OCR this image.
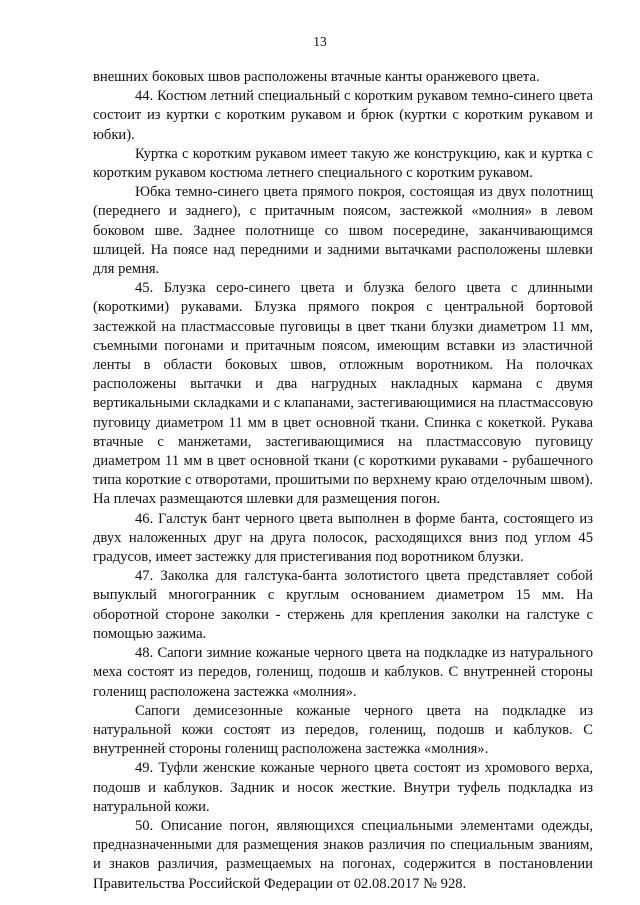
13

внешних боковых швов расположены втачные канты оранжевого цвета.

44. Костюм летний специальный с коротким рукавом темно-синего цвета состоит из куртки с коротким рукавом и брюк (куртки с коротким рукавом и юбки).

Куртка с коротким рукавом имеет такую же конструкцию, как и куртка с коротким рукавом костюма летнего специального с коротким рукавом.

Юбка темно-синего цвета прямого покроя, состоящая из двух полотнищ (переднего и заднего), с притачным поясом, застежкой «молния» в левом боковом шве. Заднее полотнище со швом посередине, заканчивающимся шлицей. На поясе над передними и задними вытачками расположены шлевки для ремня.

45. Блузка серо-синего цвета и блузка белого цвета с длинными (короткими) рукавами. Блузка прямого покроя с центральной бортовой застежкой на пластмассовые пуговицы в цвет ткани блузки диаметром 11 мм, съемными погонами и притачным поясом, имеющим вставки из эластичной ленты в области боковых швов, отложным воротником. На полочках расположены вытачки и два нагрудных накладных кармана с двумя вертикальными складками и с клапанами, застегивающимися на пластмассовую пуговицу диаметром 11 мм в цвет основной ткани. Спинка с кокеткой. Рукава втачные с манжетами, застегивающимися на пластмассовую пуговицу диаметром 11 мм в цвет основной ткани (с короткими рукавами - рубашечного типа короткие с отворотами, прошитыми по верхнему краю отделочным швом). На плечах размещаются шлевки для размещения погон.

46. Галстук бант черного цвета выполнен в форме банта, состоящего из двух наложенных друг на друга полосок, расходящихся вниз под углом 45 градусов, имеет застежку для пристегивания под воротником блузки.

47. Заколка для галстука-банта золотистого цвета представляет собой выпуклый многогранник с круглым основанием диаметром 15 мм. На оборотной стороне заколки - стержень для крепления заколки на галстуке с помощью зажима.

48. Сапоги зимние кожаные черного цвета на подкладке из натурального меха состоят из передов, голенищ, подошв и каблуков. С внутренней стороны голенищ расположена застежка «молния».

Сапоги демисезонные кожаные черного цвета на подкладке из натуральной кожи состоят из передов, голенищ, подошв и каблуков. С внутренней стороны голенищ расположена застежка «молния».

49. Туфли женские кожаные черного цвета состоят из хромового верха, подошв и каблуков. Задник и носок жесткие. Внутри туфель подкладка из натуральной кожи.

50. Описание погон, являющихся специальными элементами одежды, предназначенными для размещения знаков различия по специальным званиям, и знаков различия, размещаемых на погонах, содержится в постановлении Правительства Российской Федерации от 02.08.2017 № 928.
